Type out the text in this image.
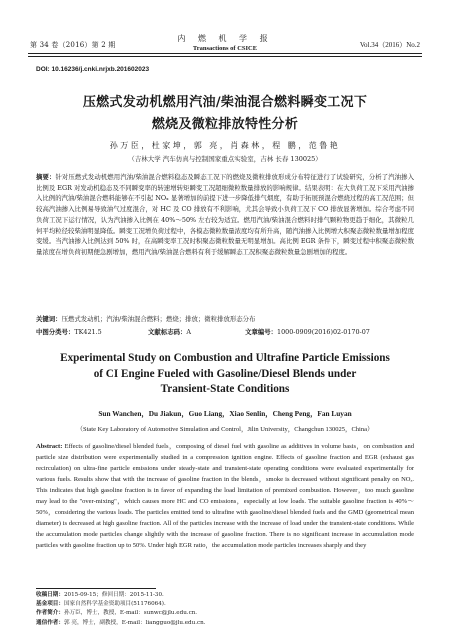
第 34 卷（2016）第 2 期
内 燃 机 学 报
Transactions of CSICE	Vol.34（2016）No.2
DOI: 10.16236/j.cnki.nrjxb.201602023
压燃式发动机燃用汽油/柴油混合燃料瞬变工况下
燃烧及微粒排放特性分析
孙万臣，杜家坤，郭 亮，肖森林，程 鹏，范鲁艳
（吉林大学 汽车仿真与控制国家重点实验室，吉林 长春 130025）
摘要：针对压燃式发动机燃用汽油/柴油混合燃料稳态及瞬态工况下的燃烧及微粒排放形成分布特征进行了试验研究，分析了汽油掺入比例及 EGR 对发动机稳态及不同瞬变率的转速增转矩瞬变工况超细微粒数量排放的影响规律。结果表明：在大负荷工况下采用汽油掺入比例的汽油/柴油混合燃料能够在不引起 NOₓ 显著增加的前提下进一步降低排气烟度，有助于拓展预混合燃烧过程的高工况范围；但较高汽油掺入比例易导致油气过度混合，对 HC 及 CO 排放有不利影响，尤其会导致小负荷工况下 CO 排放显著增加。综合考虑不同负荷工况下运行情况，认为汽油掺入比例在 40%～50% 左右较为适宜。燃用汽油/柴油混合燃料时排气颗粒物更趋于细化，其微粒几何平均粒径较柴油明显降低。瞬变工况增负荷过程中，各模态微粒数量浓度均有所升高，随汽油掺入比例增大积聚态微粒数量增加程度变缓。当汽油掺入比例达到 50% 时，在高瞬变率工况时积聚态微粒数量无明显增加。高比例 EGR 条件下，瞬变过程中积聚态微粒数量浓度在增负荷初期便急剧增加，燃用汽油/柴油混合燃料有利于缓解瞬态工况积聚态微粒数量急剧增加的程度。
关键词：压燃式发动机；汽油/柴油混合燃料；燃烧；排放；微粒排放形态分布
中图分类号：TK421.5	文献标志码：A	文章编号：1000-0909(2016)02-0170-07
Experimental Study on Combustion and Ultrafine Particle Emissions
of CI Engine Fueled with Gasoline/Diesel Blends under
Transient-State Conditions
Sun Wanchen，Du Jiakun，Guo Liang，Xiao Senlin，Cheng Peng，Fan Luyan
（State Key Laboratory of Automotive Simulation and Control，Jilin University，Changchun 130025，China）
Abstract: Effects of gasoline/diesel blended fuels，composing of diesel fuel with gasoline as additives in volume basis，on combustion and particle size distribution were experimentally studied in a compression ignition engine. Effects of gasoline fraction and EGR (exhaust gas recirculation) on ultra-fine particle emissions under steady-state and transient-state operating conditions were evaluated experimentally for various fuels. Results show that with the increase of gasoline fraction in the blends，smoke is decreased without significant penalty on NOₓ. This indicates that high gasoline fraction is in favor of expanding the load limitation of premixed combustion. However，too much gasoline may lead to the "over-mixing"，which causes more HC and CO emissions，especially at low loads. The suitable gasoline fraction is 40%～50%，considering the various loads. The particles emitted tend to ultrafine with gasoline/diesel blended fuels and the GMD (geometrical mean diameter) is decreased at high gasoline fraction. All of the particles increase with the increase of load under the transient-state conditions. While the accumulation mode particles change slightly with the increase of gasoline fraction. There is no significant increase in accumulation mode particles with gasoline fraction up to 50%. Under high EGR ratio，the accumulation mode particles increases sharply and they
收稿日期：2015-09-15；修回日期：2015-11-30.
基金项目：国家自然科学基金资助项目(51176064).
作者简介：孙万臣，博士，教授，E-mail：sunwc@jlu.edu.cn.
通信作者：郭 亮，博士，副教授，E-mail：liangguo@jlu.edu.cn.
